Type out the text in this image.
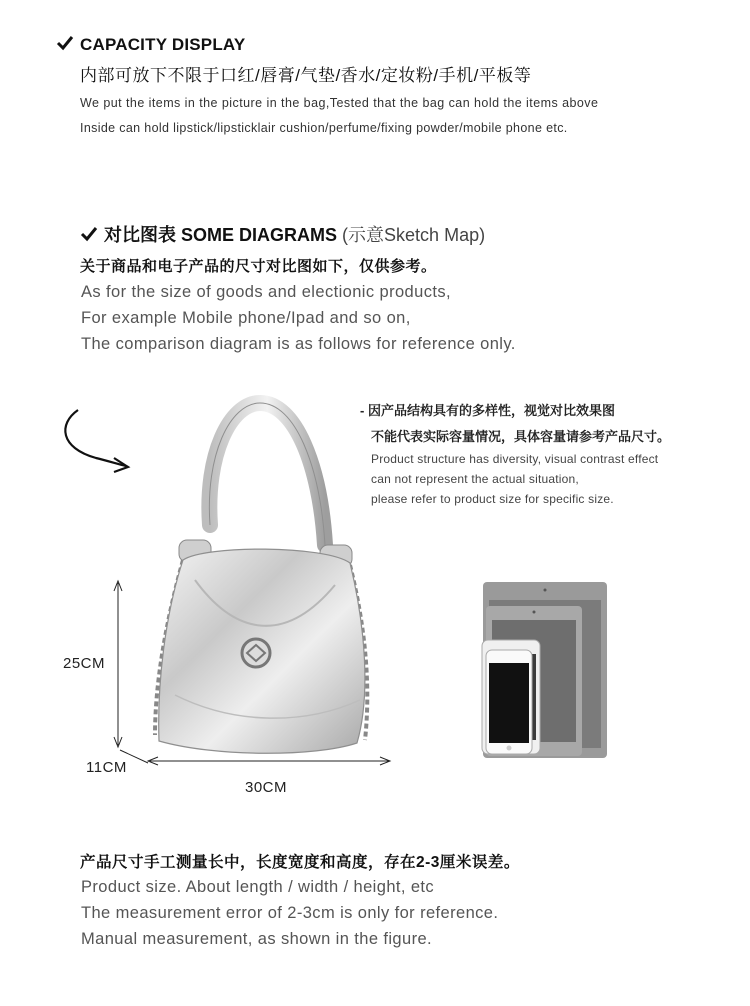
CAPACITY DISPLAY
内部可放下不限于口红/唇膏/气垫/香水/定妆粉/手机/平板等
We put the items in the picture in the bag,Tested that the bag can hold the items above
Inside can hold lipstick/lipsticklair cushion/perfume/fixing powder/mobile phone etc.
对比图表 SOME DIAGRAMS (示意Sketch Map)
关于商品和电子产品的尺寸对比图如下，仅供参考。
As for the size of goods and electionic products,
For example Mobile phone/Ipad and so on,
The comparison diagram is as follows for reference only.
- 因产品结构具有的多样性，视觉对比效果图
不能代表实际容量情况，具体容量请参考产品尺寸。
Product structure has diversity, visual contrast effect
can not represent the actual situation,
please refer to product size for specific size.
25CM
11CM
30CM
产品尺寸手工测量长中，长度宽度和高度，存在2-3厘米误差。
Product size. About length / width / height, etc
The measurement error of 2-3cm is only for reference.
Manual measurement, as shown in the figure.
